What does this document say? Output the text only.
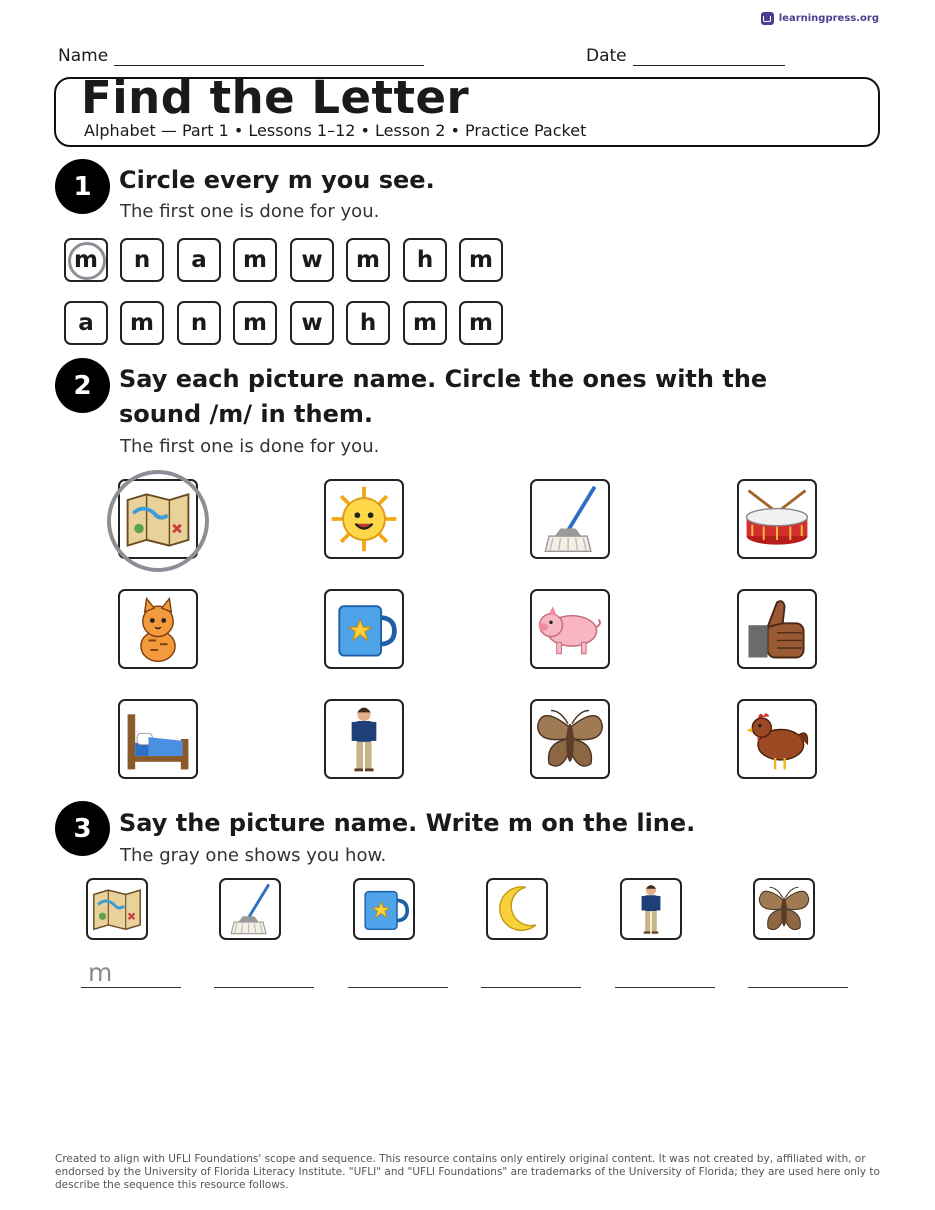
learningpress.org
Name	Date
Find the Letter
Alphabet — Part 1 • Lessons 1–12 • Lesson 2 • Practice Packet
1	Circle every m you see.
The first one is done for you.
m	n	a	m	w	m	h	m
a	m	n	m	w	h	m	m
2	Say each picture name. Circle the ones with the sound /m/ in them.
The first one is done for you.
3	Say the picture name. Write m on the line.
The gray one shows you how.
m
Created to align with UFLI Foundations' scope and sequence. This resource contains only entirely original content. It was not created by, affiliated with, or endorsed by the University of Florida Literacy Institute. "UFLI" and "UFLI Foundations" are trademarks of the University of Florida; they are used here only to describe the sequence this resource follows.
